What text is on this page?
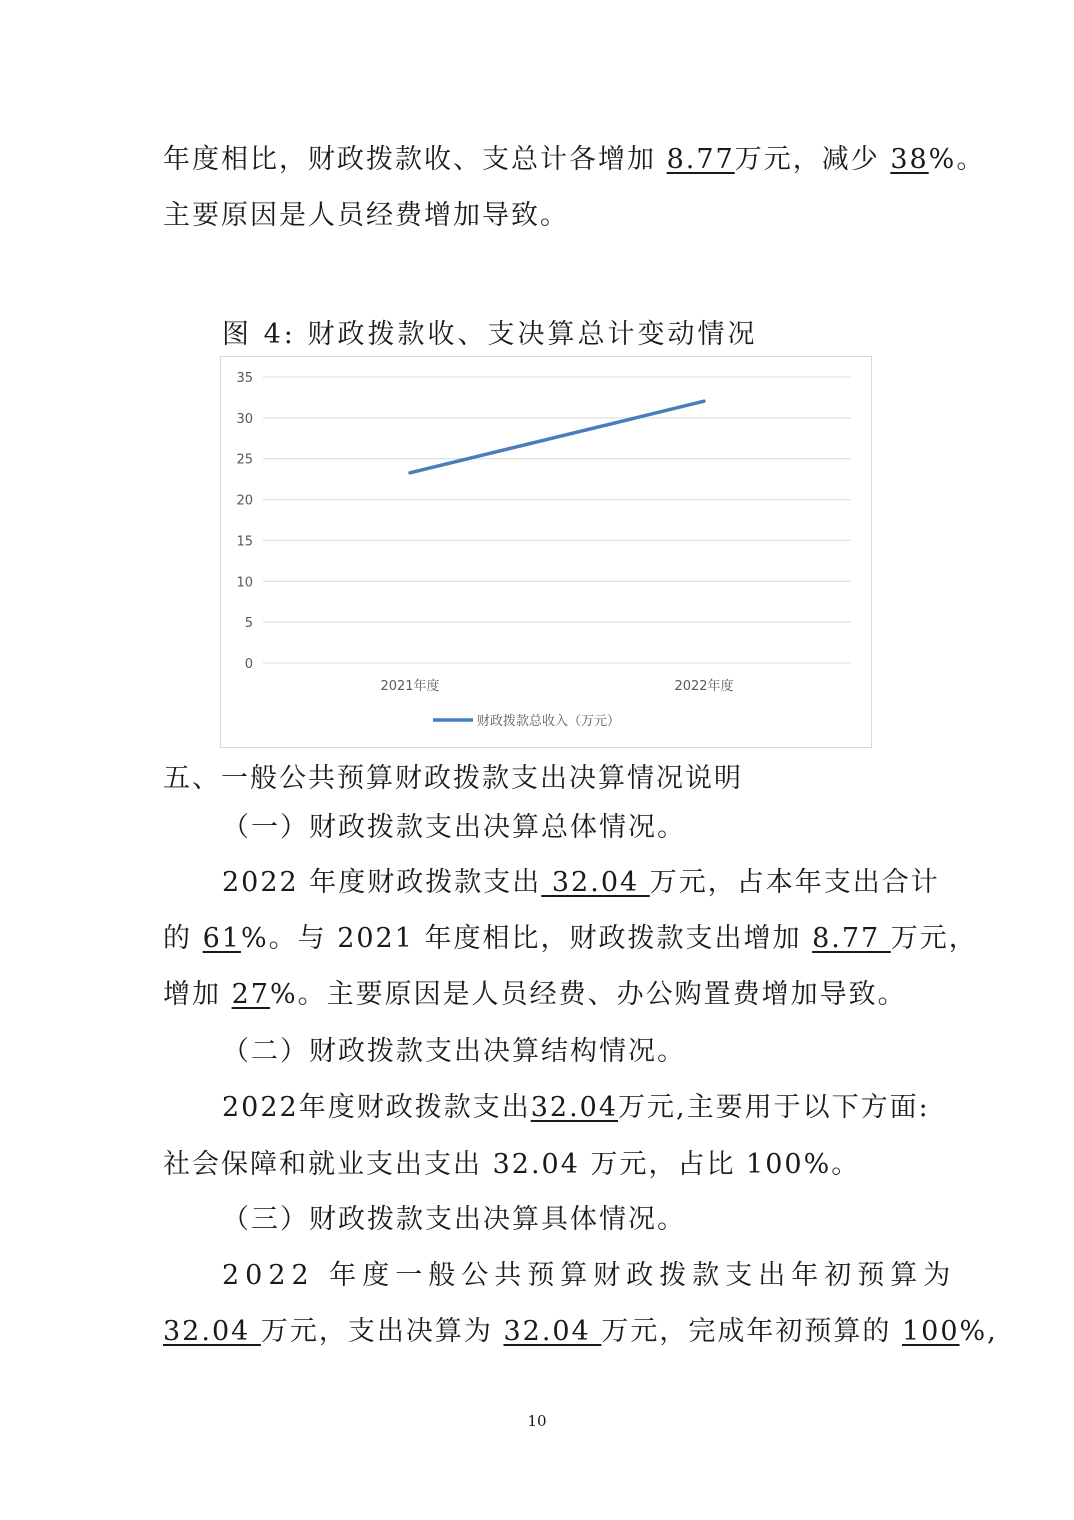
年度相比，财政拨款收、支总计各增加 8.77万元，减少 38%。
主要原因是人员经费增加导致。
图 4: 财政拨款收、支决算总计变动情况
0
5
10
15
20
25
30
35
2021年度	2022年度
财政拨款总收入（万元）
五、一般公共预算财政拨款支出决算情况说明
（一）财政拨款支出决算总体情况。
2022 年度财政拨款支出 32.04 万元，占本年支出合计
的 61%。与 2021 年度相比，财政拨款支出增加 8.77 万元，
增加 27%。主要原因是人员经费、办公购置费增加导致。
（二）财政拨款支出决算结构情况。
2022年度财政拨款支出32.04万元,主要用于以下方面:
社会保障和就业支出支出 32.04 万元，占比 100%。
（三）财政拨款支出决算具体情况。
2022 年度一般公共预算财政拨款支出年初预算为
32.04 万元，支出决算为 32.04 万元，完成年初预算的 100%,
10
